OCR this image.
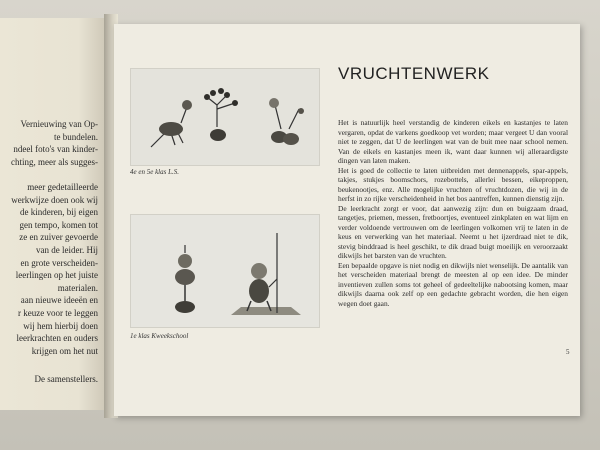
Vernieuwing van Op-
te bundelen.
ndeel foto's van kinder-
chting, meer als sugges-
meer gedetailleerde
werkwijze doen ook wij
de kinderen, bij eigen
gen tempo, komen tot
ze en zuiver gevoerde
van de leider. Hij
en grote verscheiden-
leerlingen op het juiste
materialen.
aan nieuwe ideeën en
r keuze voor te leggen
wij hem hierbij doen
leerkrachten en ouders
krijgen om het nut
De samenstellers.
4e en 5e klas L.S.
1e klas Kweekschool
VRUCHTENWERK

Het is natuurlijk heel verstandig de kinderen eikels en kastanjes te laten vergaren, opdat de varkens goedkoop vet worden; maar vergeet U dan vooral niet te zeggen, dat U de leerlingen wat van de buit mee naar school nemen. Van de eikels en kastanjes meen ik, want daar kunnen wij alleraardigste dingen van laten maken.

Het is goed de collectie te laten uitbreiden met dennenappels, spar-appels, takjes, stukjes boomschors, rozebottels, allerlei bessen, eikeproppen, beukenootjes, enz. Alle mogelijke vruchten of vruchtdozen, die wij in de herfst in zo rijke verscheidenheid in het bos aantreffen, kunnen dienstig zijn.

De leerkracht zorgt er voor, dat aanwezig zijn: dun en buigzaam draad, tangetjes, priemen, messen, fretboortjes, eventueel zinkplaten en wat lijm en verder voldoende vertrouwen om de leerlingen volkomen vrij te laten in de keus en verwerking van het materiaal. Neemt u het ijzerdraad niet te dik, stevig binddraad is heel geschikt, te dik draad buigt moeilijk en veroorzaakt dikwijls het barsten van de vruchten.

Een bepaalde opgave is niet nodig en dikwijls niet wenselijk. De aantalik van het verscheiden materiaal brengt de meesten al op een idee. De minder inventieven zullen soms tot geheel of gedeeltelijke nabootsing komen, maar dikwijls daarna ook zelf op een gedachte gebracht worden, die hen eigen wegen doet gaan.

5
